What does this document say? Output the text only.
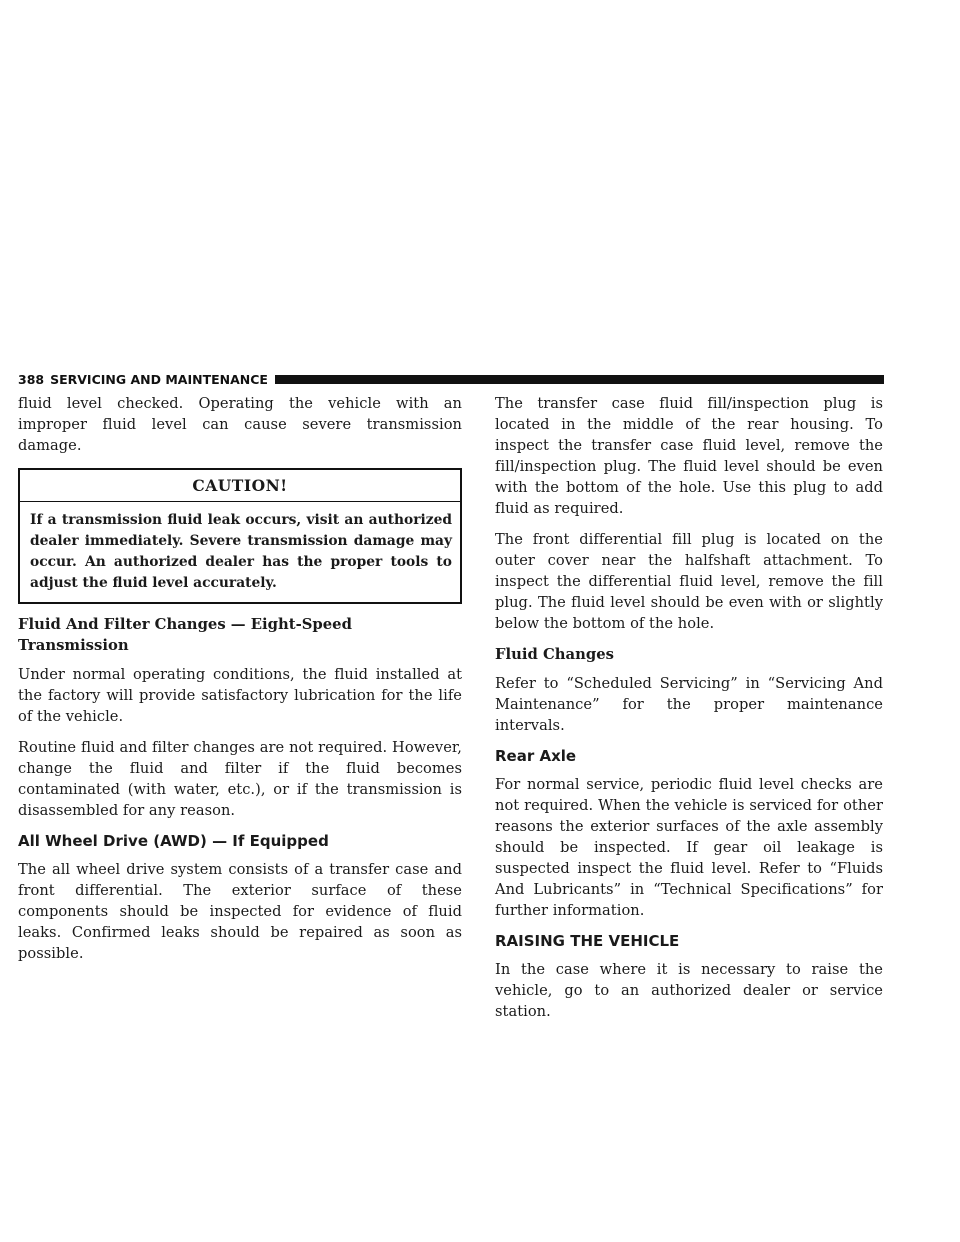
388 SERVICING AND MAINTENANCE

fluid level checked. Operating the vehicle with an improper fluid level can cause severe transmission damage.

CAUTION!
If a transmission fluid leak occurs, visit an authorized dealer immediately. Severe transmission damage may occur. An authorized dealer has the proper tools to adjust the fluid level accurately.
Fluid And Filter Changes — Eight-Speed Transmission

Under normal operating conditions, the fluid installed at the factory will provide satisfactory lubrication for the life of the vehicle.

Routine fluid and filter changes are not required. However, change the fluid and filter if the fluid becomes contaminated (with water, etc.), or if the transmission is disassembled for any reason.

All Wheel Drive (AWD) — If Equipped

The all wheel drive system consists of a transfer case and front differential. The exterior surface of these components should be inspected for evidence of fluid leaks. Confirmed leaks should be repaired as soon as possible.

The transfer case fluid fill/inspection plug is located in the middle of the rear housing. To inspect the transfer case fluid level, remove the fill/inspection plug. The fluid level should be even with the bottom of the hole. Use this plug to add fluid as required.

The front differential fill plug is located on the outer cover near the halfshaft attachment. To inspect the differential fluid level, remove the fill plug. The fluid level should be even with or slightly below the bottom of the hole.

Fluid Changes

Refer to “Scheduled Servicing” in “Servicing And Maintenance” for the proper maintenance intervals.

Rear Axle

For normal service, periodic fluid level checks are not required. When the vehicle is serviced for other reasons the exterior surfaces of the axle assembly should be inspected. If gear oil leakage is suspected inspect the fluid level. Refer to “Fluids And Lubricants” in “Technical Specifications” for further information.

RAISING THE VEHICLE

In the case where it is necessary to raise the vehicle, go to an authorized dealer or service station.
